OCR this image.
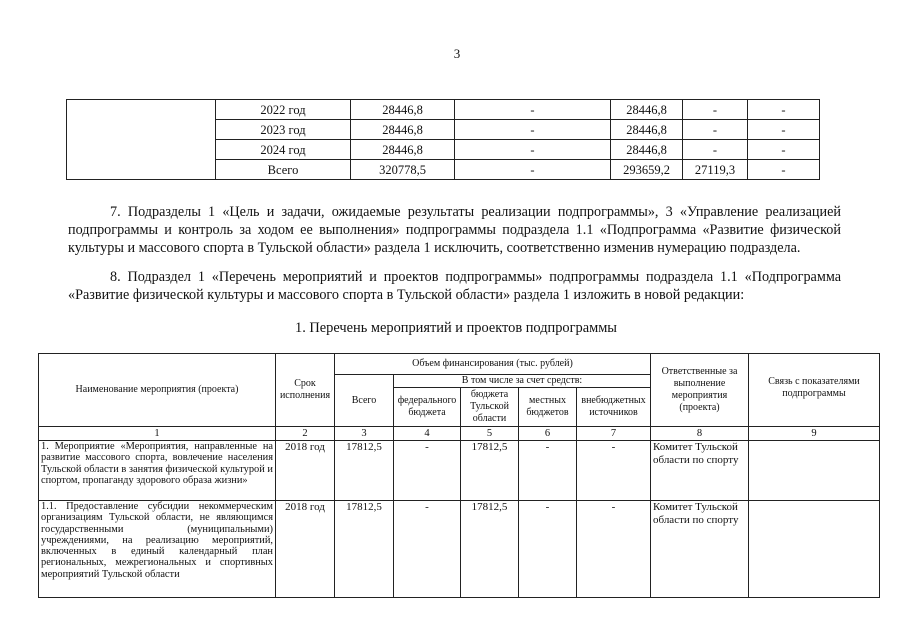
3
	2022 год	28446,8	-	28446,8	-	-
	2023 год	28446,8	-	28446,8	-	-
	2024 год	28446,8	-	28446,8	-	-
	Всего	320778,5	-	293659,2	27119,3	-
7. Подразделы 1 «Цель и задачи, ожидаемые результаты реализации подпрограммы», 3 «Управление реализацией подпрограммы и контроль за ходом ее выполнения» подпрограммы подраздела 1.1 «Подпрограмма «Развитие физической культуры и массового спорта в Тульской области» раздела 1 исключить, соответственно изменив нумерацию подраздела.
8. Подраздел 1 «Перечень мероприятий и проектов подпрограммы» подпрограммы подраздела 1.1 «Подпрограмма «Развитие физической культуры и массового спорта в Тульской области» раздела 1 изложить в новой редакции:
1. Перечень мероприятий и проектов подпрограммы
Наименование мероприятия (проекта)	Срок исполнения	Объем финансирования (тыс. рублей)					Ответственные за выполнение мероприятия (проекта)	Связь с показателями подпрограммы
		Всего	В том числе за счет средств:					
			федерального бюджета	бюджета Тульской области	местных бюджетов	внебюджетных источников		
1	2	3	4	5	6	7	8	9
1. Мероприятие «Мероприятия, направленные на развитие массового спорта, вовлечение населения Тульской области в занятия физической культурой и спортом, пропаганду здорового образа жизни»	2018 год	17812,5	-	17812,5	-	-	Комитет Тульской области по спорту	
1.1. Предоставление субсидии некоммерческим организациям Тульской области, не являющимся государственными (муниципальными) учреждениями, на реализацию мероприятий, включенных в единый календарный план региональных, межрегиональных и спортивных мероприятий Тульской области	2018 год	17812,5	-	17812,5	-	-	Комитет Тульской области по спорту	
